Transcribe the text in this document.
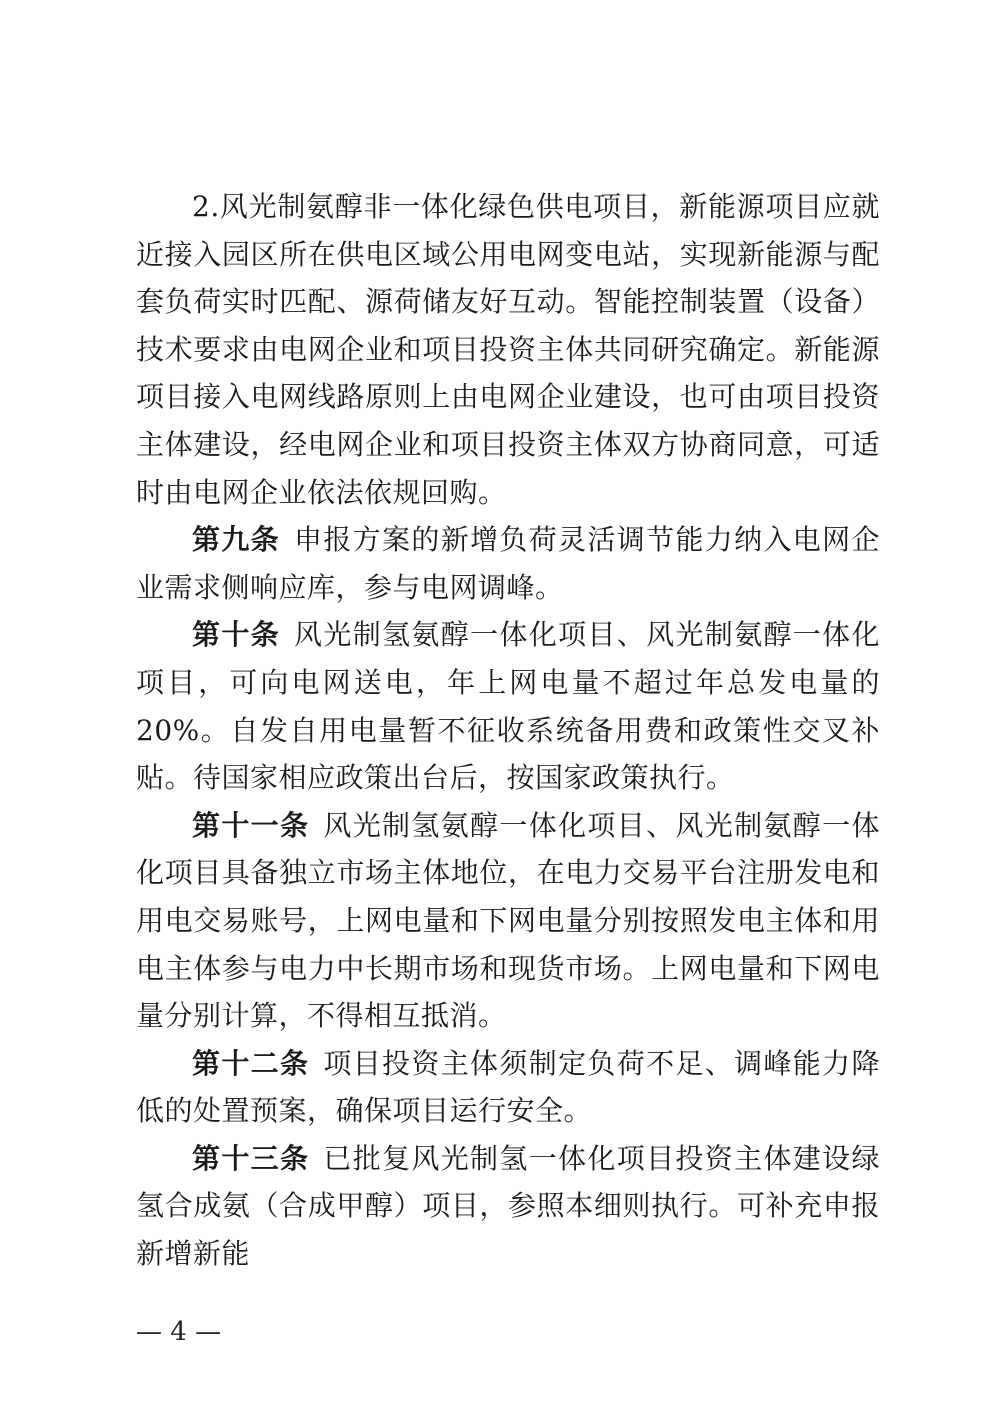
2.风光制氨醇非一体化绿色供电项目，新能源项目应就近接入园区所在供电区域公用电网变电站，实现新能源与配套负荷实时匹配、源荷储友好互动。智能控制装置（设备）技术要求由电网企业和项目投资主体共同研究确定。新能源项目接入电网线路原则上由电网企业建设，也可由项目投资主体建设，经电网企业和项目投资主体双方协商同意，可适时由电网企业依法依规回购。

第九条 申报方案的新增负荷灵活调节能力纳入电网企业需求侧响应库，参与电网调峰。

第十条 风光制氢氨醇一体化项目、风光制氨醇一体化项目，可向电网送电，年上网电量不超过年总发电量的20%。自发自用电量暂不征收系统备用费和政策性交叉补贴。待国家相应政策出台后，按国家政策执行。

第十一条 风光制氢氨醇一体化项目、风光制氨醇一体化项目具备独立市场主体地位，在电力交易平台注册发电和用电交易账号，上网电量和下网电量分别按照发电主体和用电主体参与电力中长期市场和现货市场。上网电量和下网电量分别计算，不得相互抵消。

第十二条 项目投资主体须制定负荷不足、调峰能力降低的处置预案，确保项目运行安全。

第十三条 已批复风光制氢一体化项目投资主体建设绿氢合成氨（合成甲醇）项目，参照本细则执行。可补充申报新增新能

— 4 —
